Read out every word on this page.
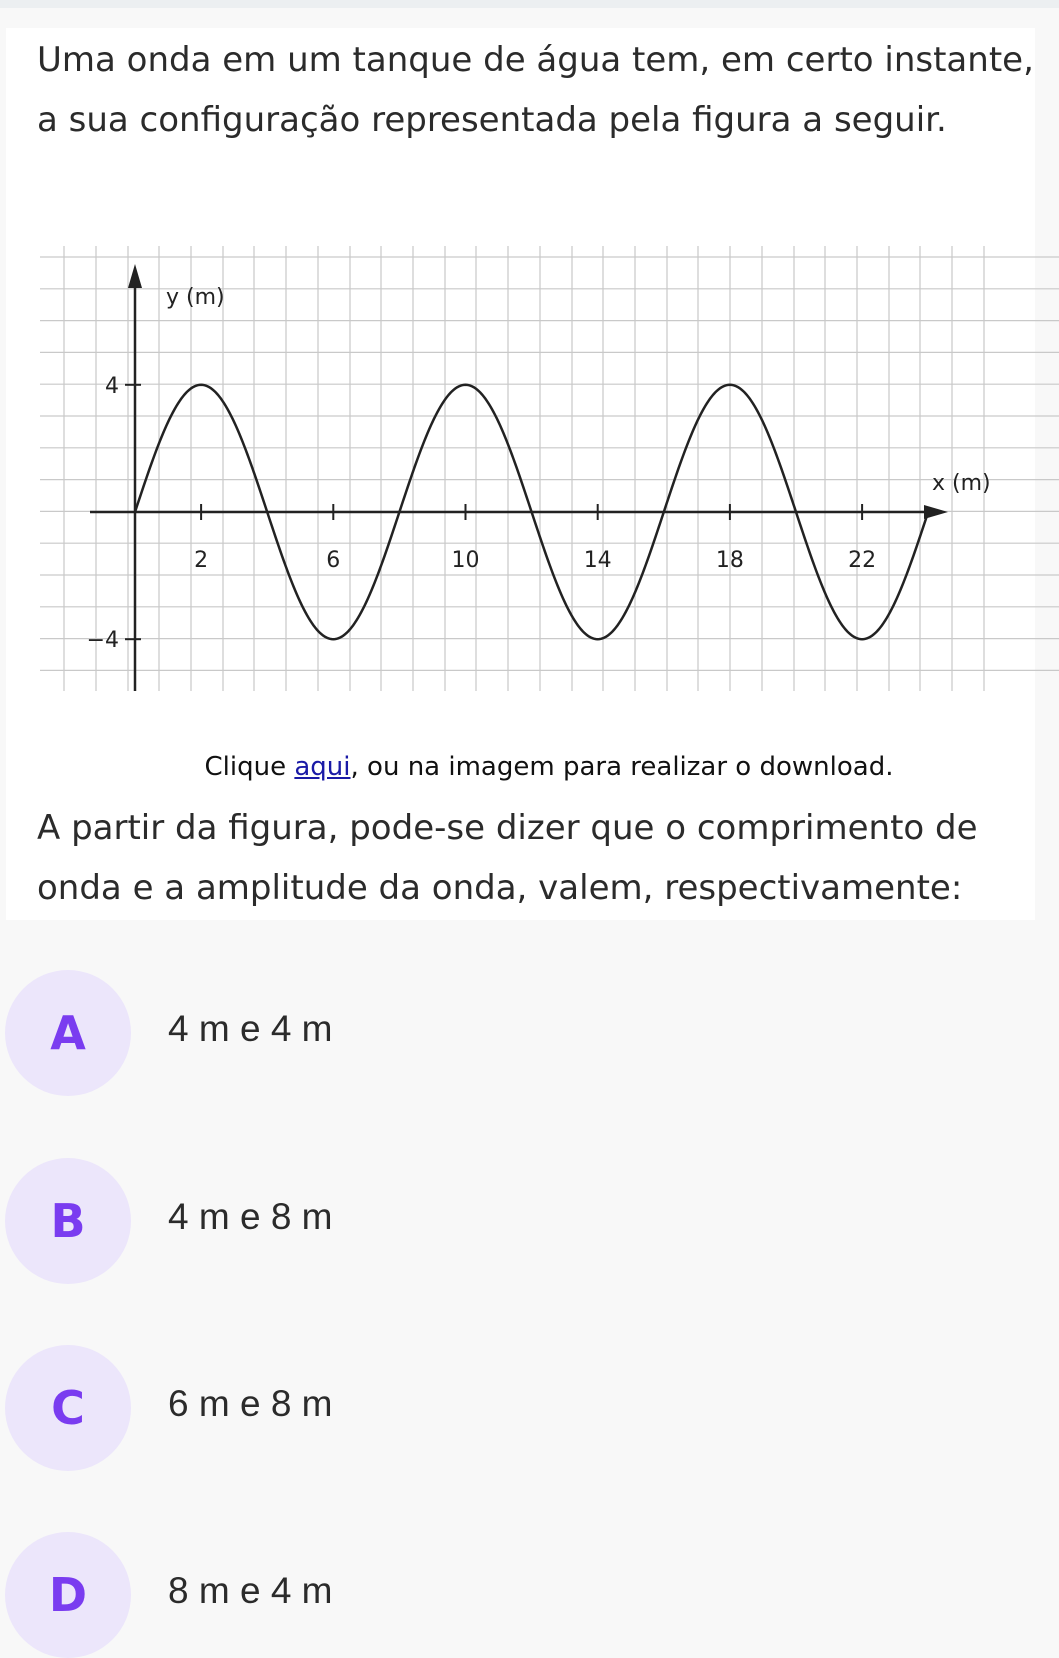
Uma onda em um tanque de água tem, em certo instante, a sua configuração representada pela figura a seguir.

2	6	10	14	18	22
4
−4
x (m)
y (m)
Clique aqui, ou na imagem para realizar o download.

A partir da figura, pode-se dizer que o comprimento de onda e a amplitude da onda, valem, respectivamente:

A	4 m e 4 m
B	4 m e 8 m
C	6 m e 8 m
D	8 m e 4 m
